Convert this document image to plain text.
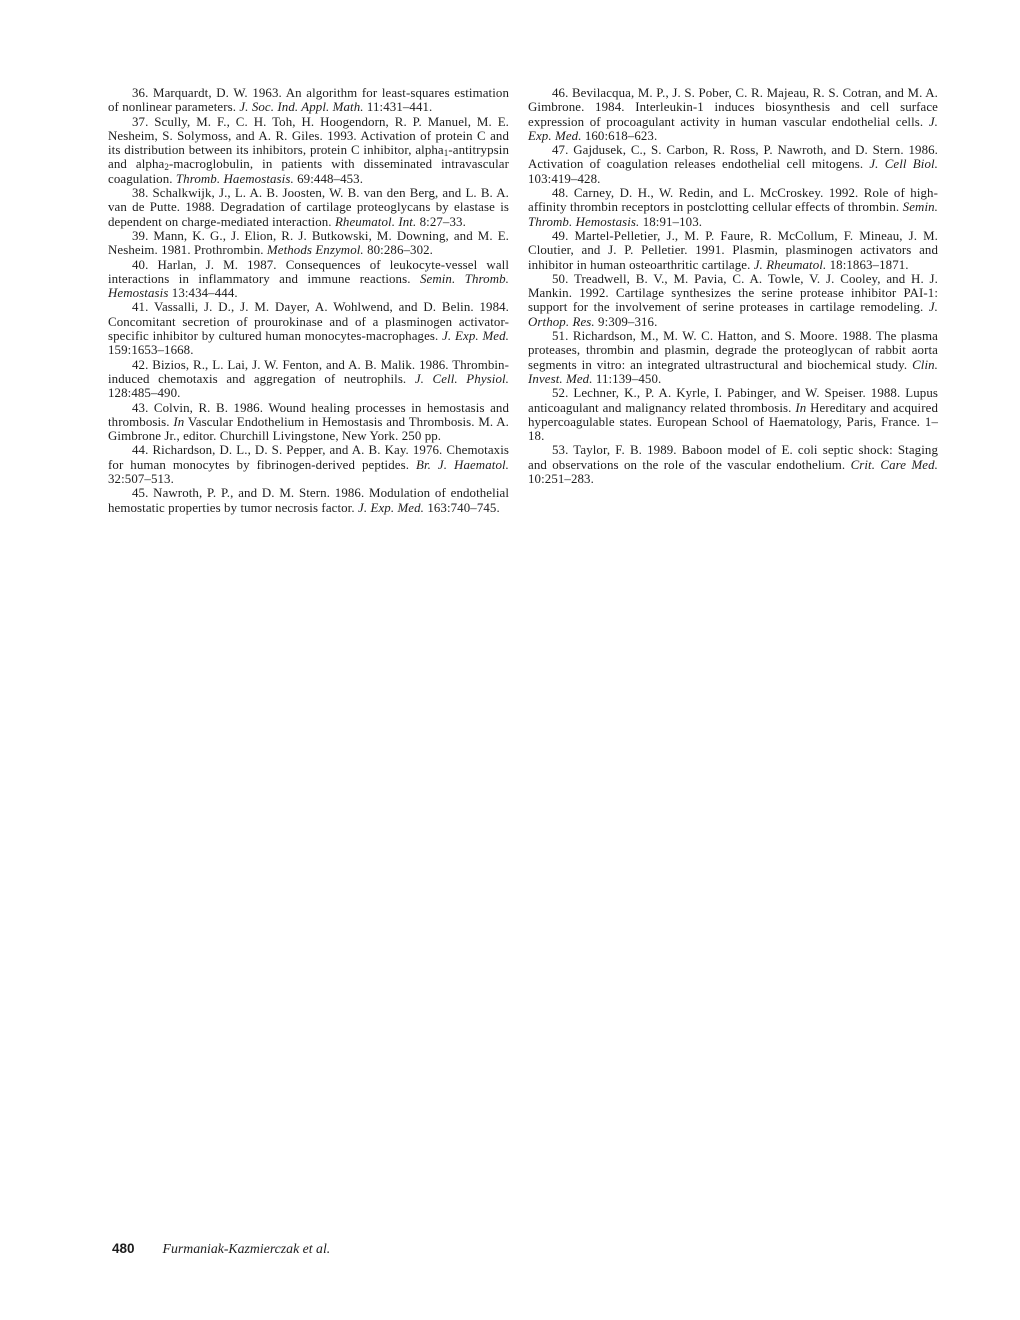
36. Marquardt, D. W. 1963. An algorithm for least-squares estimation of nonlinear parameters. J. Soc. Ind. Appl. Math. 11:431–441.

37. Scully, M. F., C. H. Toh, H. Hoogendorn, R. P. Manuel, M. E. Nesheim, S. Solymoss, and A. R. Giles. 1993. Activation of protein C and its distribution between its inhibitors, protein C inhibitor, alpha$_1$-antitrypsin and alpha$_2$-macroglobulin, in patients with disseminated intravascular coagulation. Thromb. Haemostasis. 69:448–453.

38. Schalkwijk, J., L. A. B. Joosten, W. B. van den Berg, and L. B. A. van de Putte. 1988. Degradation of cartilage proteoglycans by elastase is dependent on charge-mediated interaction. Rheumatol. Int. 8:27–33.

39. Mann, K. G., J. Elion, R. J. Butkowski, M. Downing, and M. E. Nesheim. 1981. Prothrombin. Methods Enzymol. 80:286–302.

40. Harlan, J. M. 1987. Consequences of leukocyte-vessel wall interactions in inflammatory and immune reactions. Semin. Thromb. Hemostasis 13:434–444.

41. Vassalli, J. D., J. M. Dayer, A. Wohlwend, and D. Belin. 1984. Concomitant secretion of prourokinase and of a plasminogen activator-specific inhibitor by cultured human monocytes-macrophages. J. Exp. Med. 159:1653–1668.

42. Bizios, R., L. Lai, J. W. Fenton, and A. B. Malik. 1986. Thrombin-induced chemotaxis and aggregation of neutrophils. J. Cell. Physiol. 128:485–490.

43. Colvin, R. B. 1986. Wound healing processes in hemostasis and thrombosis. In Vascular Endothelium in Hemostasis and Thrombosis. M. A. Gimbrone Jr., editor. Churchill Livingstone, New York. 250 pp.

44. Richardson, D. L., D. S. Pepper, and A. B. Kay. 1976. Chemotaxis for human monocytes by fibrinogen-derived peptides. Br. J. Haematol. 32:507–513.

45. Nawroth, P. P., and D. M. Stern. 1986. Modulation of endothelial hemostatic properties by tumor necrosis factor. J. Exp. Med. 163:740–745.

46. Bevilacqua, M. P., J. S. Pober, C. R. Majeau, R. S. Cotran, and M. A. Gimbrone. 1984. Interleukin-1 induces biosynthesis and cell surface expression of procoagulant activity in human vascular endothelial cells. J. Exp. Med. 160:618–623.

47. Gajdusek, C., S. Carbon, R. Ross, P. Nawroth, and D. Stern. 1986. Activation of coagulation releases endothelial cell mitogens. J. Cell Biol. 103:419–428.

48. Carney, D. H., W. Redin, and L. McCroskey. 1992. Role of high-affinity thrombin receptors in postclotting cellular effects of thrombin. Semin. Thromb. Hemostasis. 18:91–103.

49. Martel-Pelletier, J., M. P. Faure, R. McCollum, F. Mineau, J. M. Cloutier, and J. P. Pelletier. 1991. Plasmin, plasminogen activators and inhibitor in human osteoarthritic cartilage. J. Rheumatol. 18:1863–1871.

50. Treadwell, B. V., M. Pavia, C. A. Towle, V. J. Cooley, and H. J. Mankin. 1992. Cartilage synthesizes the serine protease inhibitor PAI-1: support for the involvement of serine proteases in cartilage remodeling. J. Orthop. Res. 9:309–316.

51. Richardson, M., M. W. C. Hatton, and S. Moore. 1988. The plasma proteases, thrombin and plasmin, degrade the proteoglycan of rabbit aorta segments in vitro: an integrated ultrastructural and biochemical study. Clin. Invest. Med. 11:139–450.

52. Lechner, K., P. A. Kyrle, I. Pabinger, and W. Speiser. 1988. Lupus anticoagulant and malignancy related thrombosis. In Hereditary and acquired hypercoagulable states. European School of Haematology, Paris, France. 1–18.

53. Taylor, F. B. 1989. Baboon model of E. coli septic shock: Staging and observations on the role of the vascular endothelium. Crit. Care Med. 10:251–283.

480 Furmaniak-Kazmierczak et al.
